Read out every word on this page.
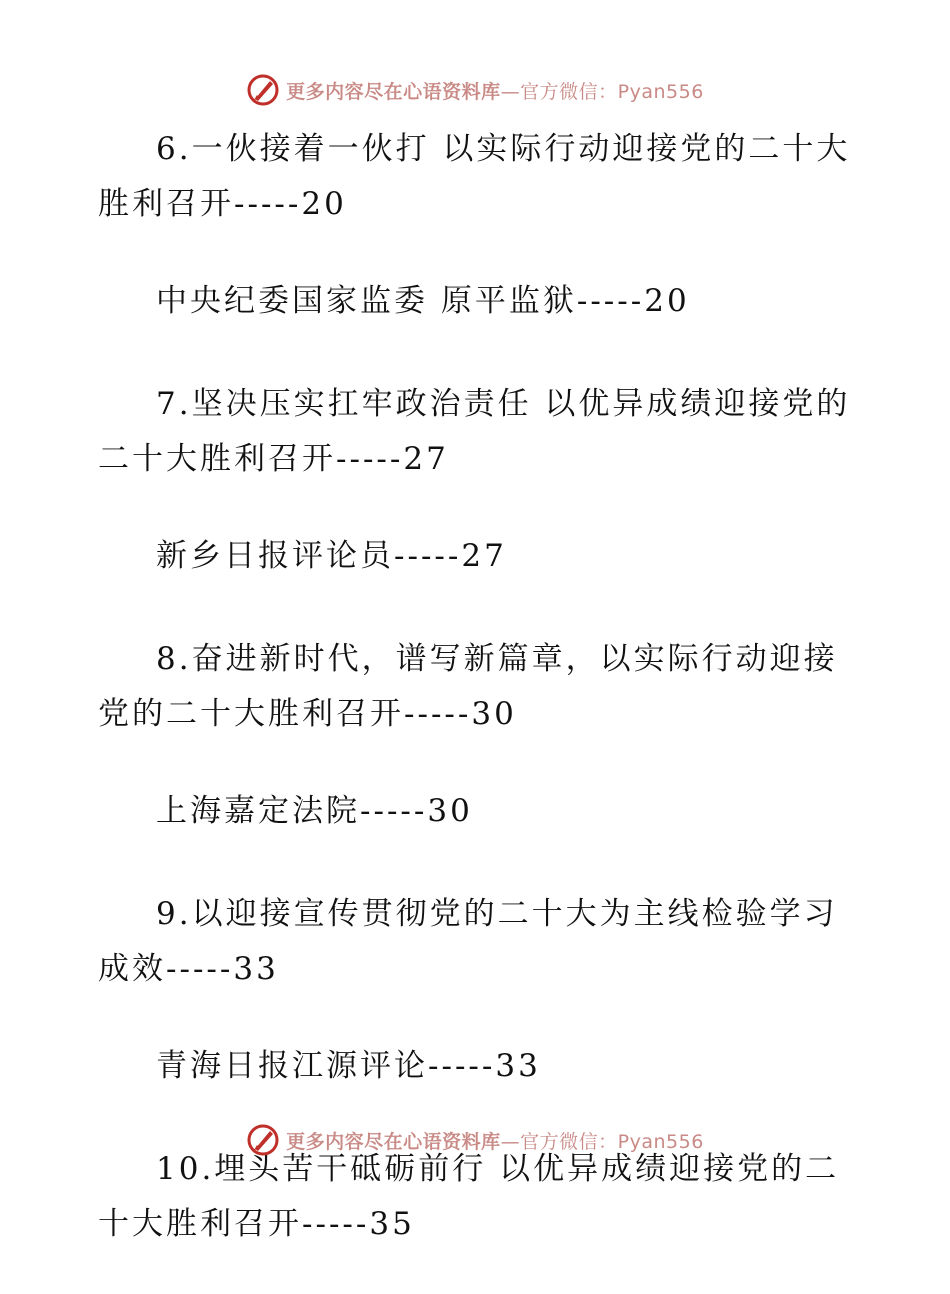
更多内容尽在心语资料库—官方微信：Pyan556

6.一伙接着一伙打 以实际行动迎接党的二十大胜利召开-----20

中央纪委国家监委 原平监狱-----20

7.坚决压实扛牢政治责任 以优异成绩迎接党的二十大胜利召开-----27

新乡日报评论员-----27

8.奋进新时代，谱写新篇章，以实际行动迎接党的二十大胜利召开-----30

上海嘉定法院-----30

9.以迎接宣传贯彻党的二十大为主线检验学习成效-----33

青海日报江源评论-----33

10.埋头苦干砥砺前行 以优异成绩迎接党的二十大胜利召开-----35

更多内容尽在心语资料库—官方微信：Pyan556
